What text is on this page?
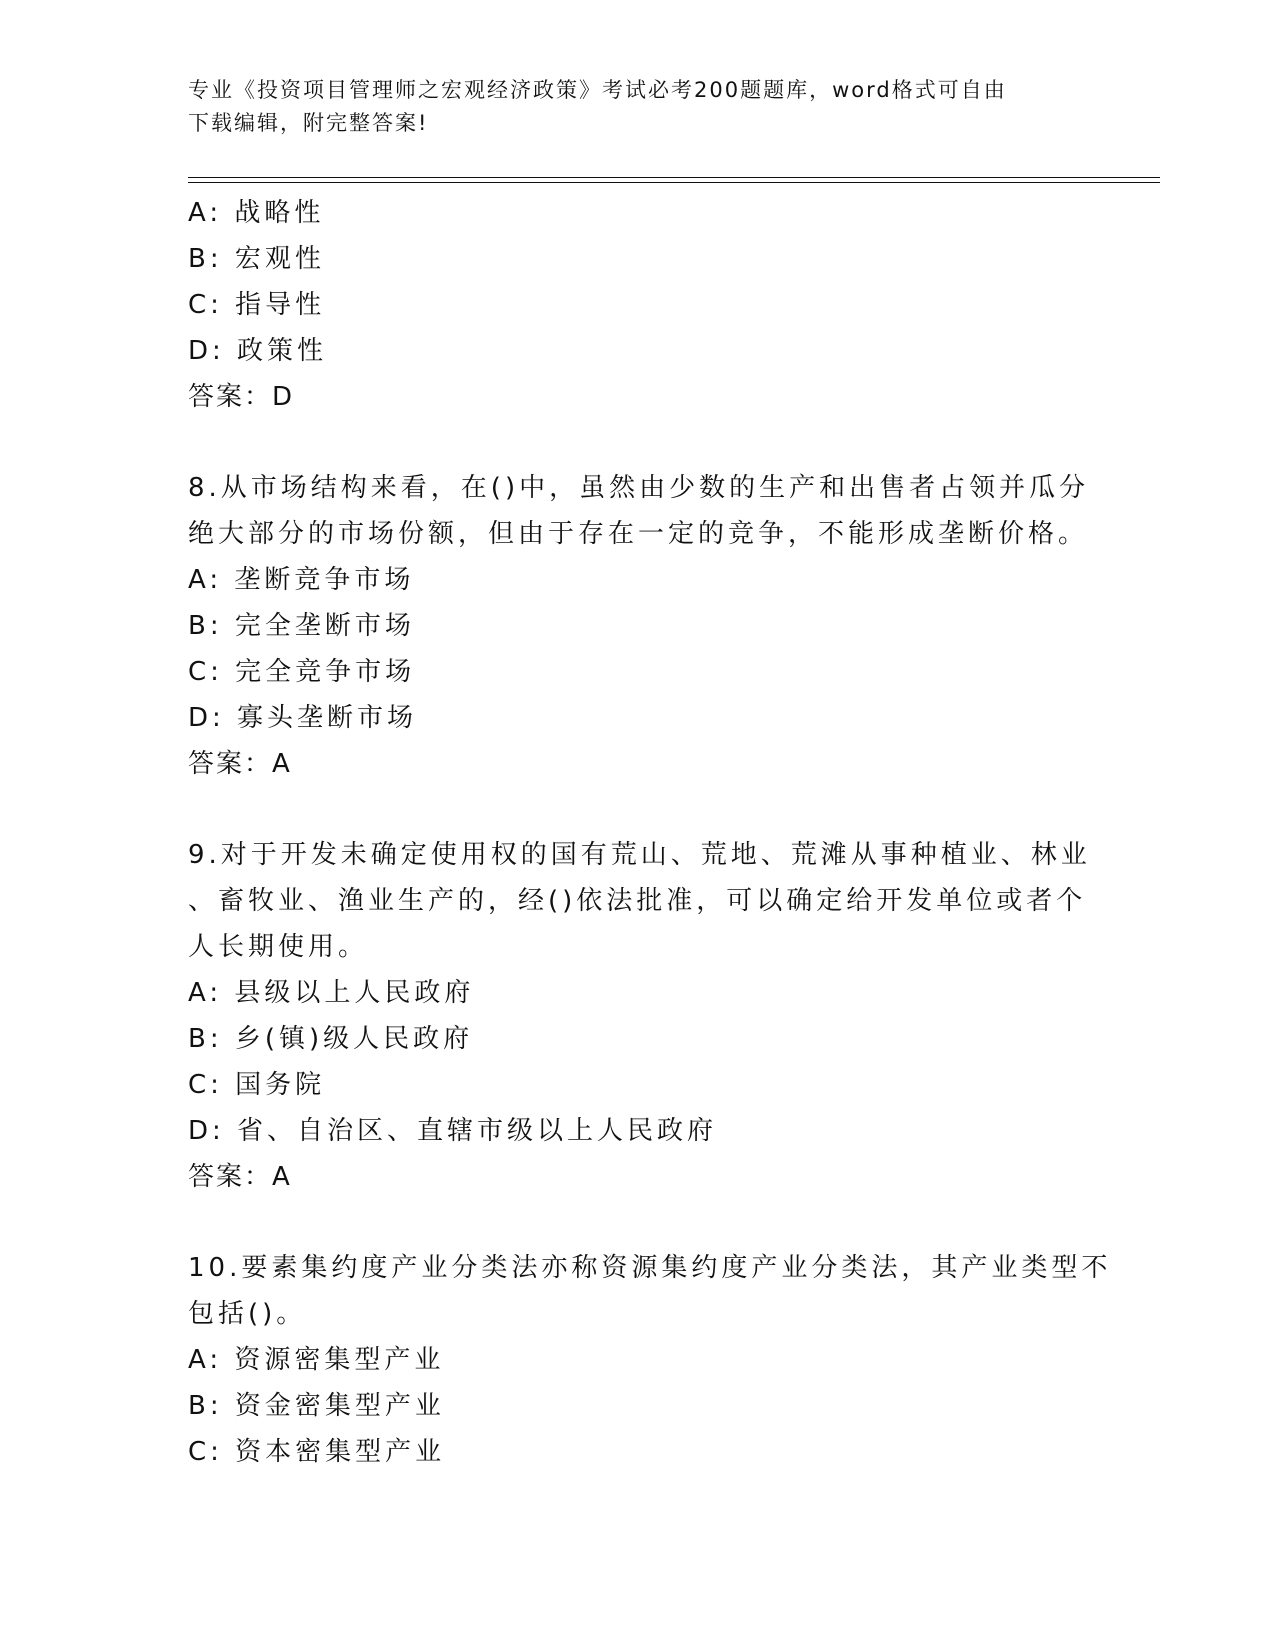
专业《投资项目管理师之宏观经济政策》考试必考200题题库，word格式可自由
下载编辑，附完整答案!
A: 战略性
B: 宏观性
C: 指导性
D: 政策性
答案：D
8.从市场结构来看，在()中，虽然由少数的生产和出售者占领并瓜分
绝大部分的市场份额，但由于存在一定的竞争，不能形成垄断价格。
A: 垄断竞争市场
B: 完全垄断市场
C: 完全竞争市场
D: 寡头垄断市场
答案：A
9.对于开发未确定使用权的国有荒山、荒地、荒滩从事种植业、林业
、畜牧业、渔业生产的，经()依法批准，可以确定给开发单位或者个
人长期使用。
A: 县级以上人民政府
B: 乡(镇)级人民政府
C: 国务院
D: 省、自治区、直辖市级以上人民政府
答案：A
10.要素集约度产业分类法亦称资源集约度产业分类法，其产业类型不
包括()。
A: 资源密集型产业
B: 资金密集型产业
C: 资本密集型产业
